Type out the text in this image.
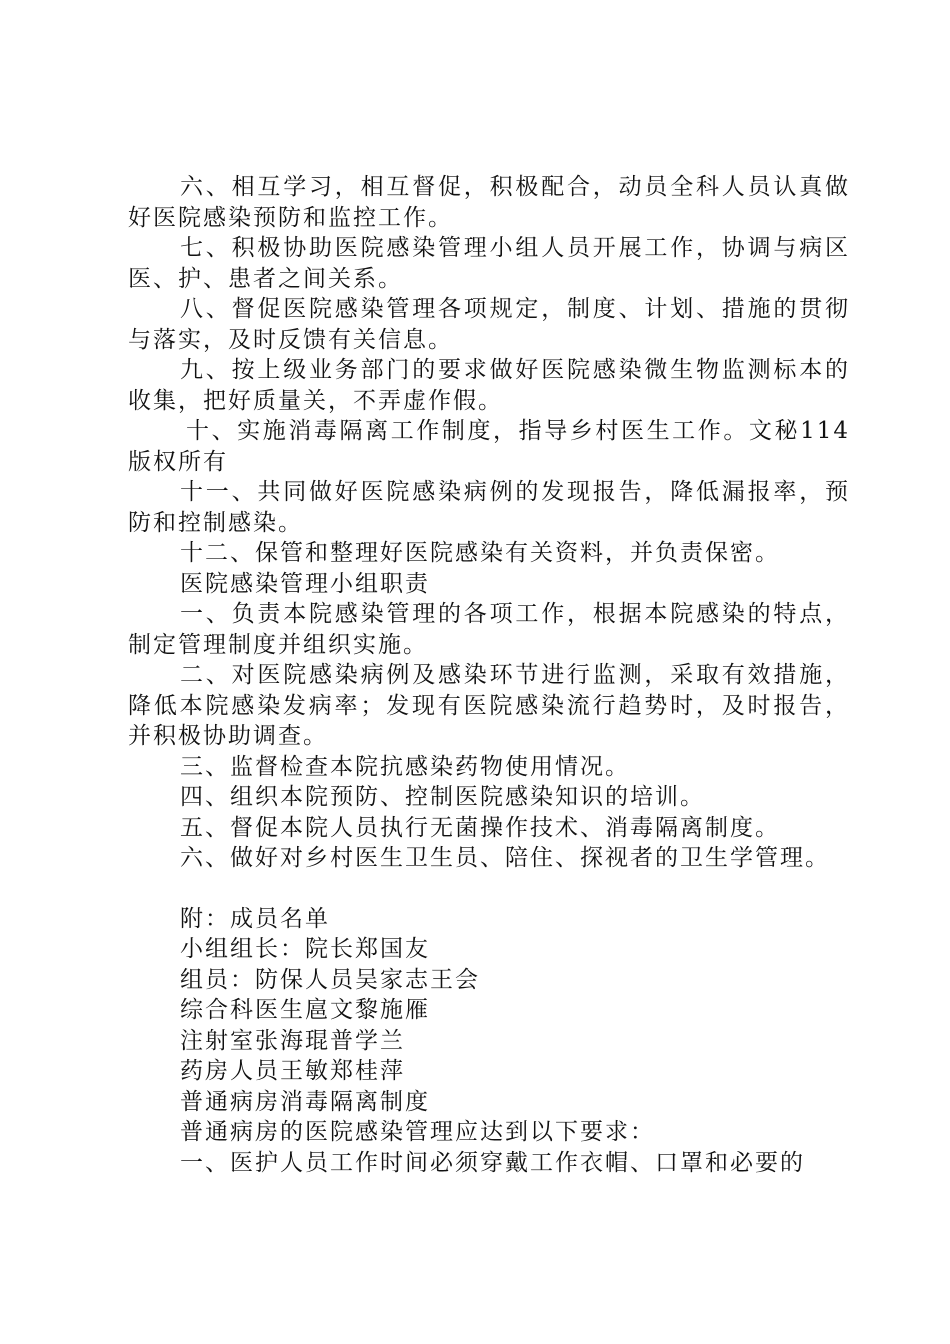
六、相互学习，相互督促，积极配合，动员全科人员认真做好医院感染预防和监控工作。

七、积极协助医院感染管理小组人员开展工作，协调与病区医、护、患者之间关系。

八、督促医院感染管理各项规定，制度、计划、措施的贯彻与落实，及时反馈有关信息。

九、按上级业务部门的要求做好医院感染微生物监测标本的收集，把好质量关，不弄虚作假。

十、实施消毒隔离工作制度，指导乡村医生工作。文秘114版权所有

十一、共同做好医院感染病例的发现报告，降低漏报率，预防和控制感染。

十二、保管和整理好医院感染有关资料，并负责保密。

医院感染管理小组职责

一、负责本院感染管理的各项工作，根据本院感染的特点，制定管理制度并组织实施。

二、对医院感染病例及感染环节进行监测，采取有效措施，降低本院感染发病率；发现有医院感染流行趋势时，及时报告，并积极协助调查。

三、监督检查本院抗感染药物使用情况。

四、组织本院预防、控制医院感染知识的培训。

五、督促本院人员执行无菌操作技术、消毒隔离制度。

六、做好对乡村医生卫生员、陪住、探视者的卫生学管理。

附：成员名单

小组组长：院长郑国友

组员：防保人员吴家志王会

综合科医生扈文黎施雁

注射室张海琨普学兰

药房人员王敏郑桂萍

普通病房消毒隔离制度

普通病房的医院感染管理应达到以下要求：

一、医护人员工作时间必须穿戴工作衣帽、口罩和必要的
